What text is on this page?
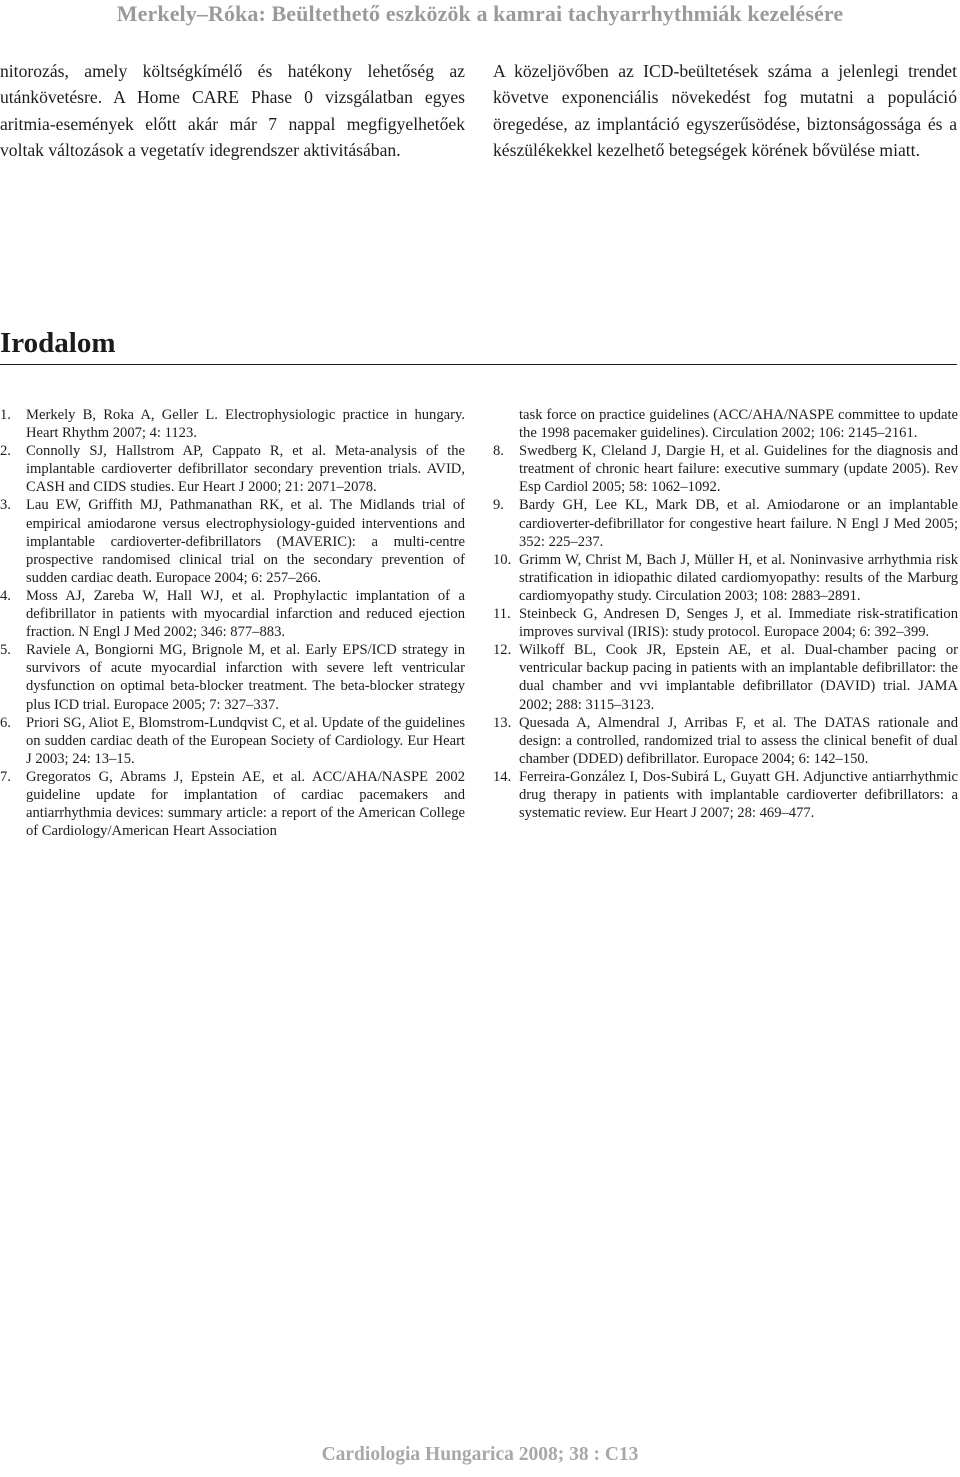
Merkely–Róka: Beültethető eszközök a kamrai tachyarrhythmiák kezelésére

nitorozás, amely költségkímélő és hatékony lehetőség az utánkövetésre. A Home CARE Phase 0 vizsgálatban egyes aritmia-események előtt akár már 7 nappal megfigyelhetőek voltak változások a vegetatív idegrendszer aktivitásában.

A közeljövőben az ICD-beültetések száma a jelenlegi trendet követve exponenciális növekedést fog mutatni a populáció öregedése, az implantáció egyszerűsödése, biztonságossága és a készülékekkel kezelhető betegségek körének bővülése miatt.

Irodalom
1.	Merkely B, Roka A, Geller L. Electrophysiologic practice in hungary. Heart Rhythm 2007; 4: 1123.
2.	Connolly SJ, Hallstrom AP, Cappato R, et al. Meta-analysis of the implantable cardioverter defibrillator secondary prevention trials. AVID, CASH and CIDS studies. Eur Heart J 2000; 21: 2071–2078.
3.	Lau EW, Griffith MJ, Pathmanathan RK, et al. The Midlands trial of empirical amiodarone versus electrophysiology-guided interventions and implantable cardioverter-defibrillators (MAVERIC): a multi-centre prospective randomised clinical trial on the secondary prevention of sudden cardiac death. Europace 2004; 6: 257–266.
4.	Moss AJ, Zareba W, Hall WJ, et al. Prophylactic implantation of a defibrillator in patients with myocardial infarction and reduced ejection fraction. N Engl J Med 2002; 346: 877–883.
5.	Raviele A, Bongiorni MG, Brignole M, et al. Early EPS/ICD strategy in survivors of acute myocardial infarction with severe left ventricular dysfunction on optimal beta-blocker treatment. The beta-blocker strategy plus ICD trial. Europace 2005; 7: 327–337.
6.	Priori SG, Aliot E, Blomstrom-Lundqvist C, et al. Update of the guidelines on sudden cardiac death of the European Society of Cardiology. Eur Heart J 2003; 24: 13–15.
7.	Gregoratos G, Abrams J, Epstein AE, et al. ACC/AHA/NASPE 2002 guideline update for implantation of cardiac pacemakers and antiarrhythmia devices: summary article: a report of the American College of Cardiology/American Heart Association
task force on practice guidelines (ACC/AHA/NASPE committee to update the 1998 pacemaker guidelines). Circulation 2002; 106: 2145–2161.
8.	Swedberg K, Cleland J, Dargie H, et al. Guidelines for the diagnosis and treatment of chronic heart failure: executive summary (update 2005). Rev Esp Cardiol 2005; 58: 1062–1092.
9.	Bardy GH, Lee KL, Mark DB, et al. Amiodarone or an implantable cardioverter-defibrillator for congestive heart failure. N Engl J Med 2005; 352: 225–237.
10. Grimm W, Christ M, Bach J, Müller H, et al. Noninvasive arrhythmia risk stratification in idiopathic dilated cardiomyopathy: results of the Marburg cardiomyopathy study. Circulation 2003; 108: 2883–2891.
11. Steinbeck G, Andresen D, Senges J, et al. Immediate risk-stratification improves survival (IRIS): study protocol. Europace 2004; 6: 392–399.
12. Wilkoff BL, Cook JR, Epstein AE, et al. Dual-chamber pacing or ventricular backup pacing in patients with an implantable defibrillator: the dual chamber and vvi implantable defibrillator (DAVID) trial. JAMA 2002; 288: 3115–3123.
13. Quesada A, Almendral J, Arribas F, et al. The DATAS rationale and design: a controlled, randomized trial to assess the clinical benefit of dual chamber (DDED) defibrillator. Europace 2004; 6: 142–150.
14. Ferreira-González I, Dos-Subirá L, Guyatt GH. Adjunctive antiarrhythmic drug therapy in patients with implantable cardioverter defibrillators: a systematic review. Eur Heart J 2007; 28: 469–477.
Cardiologia Hungarica 2008; 38 : C13
